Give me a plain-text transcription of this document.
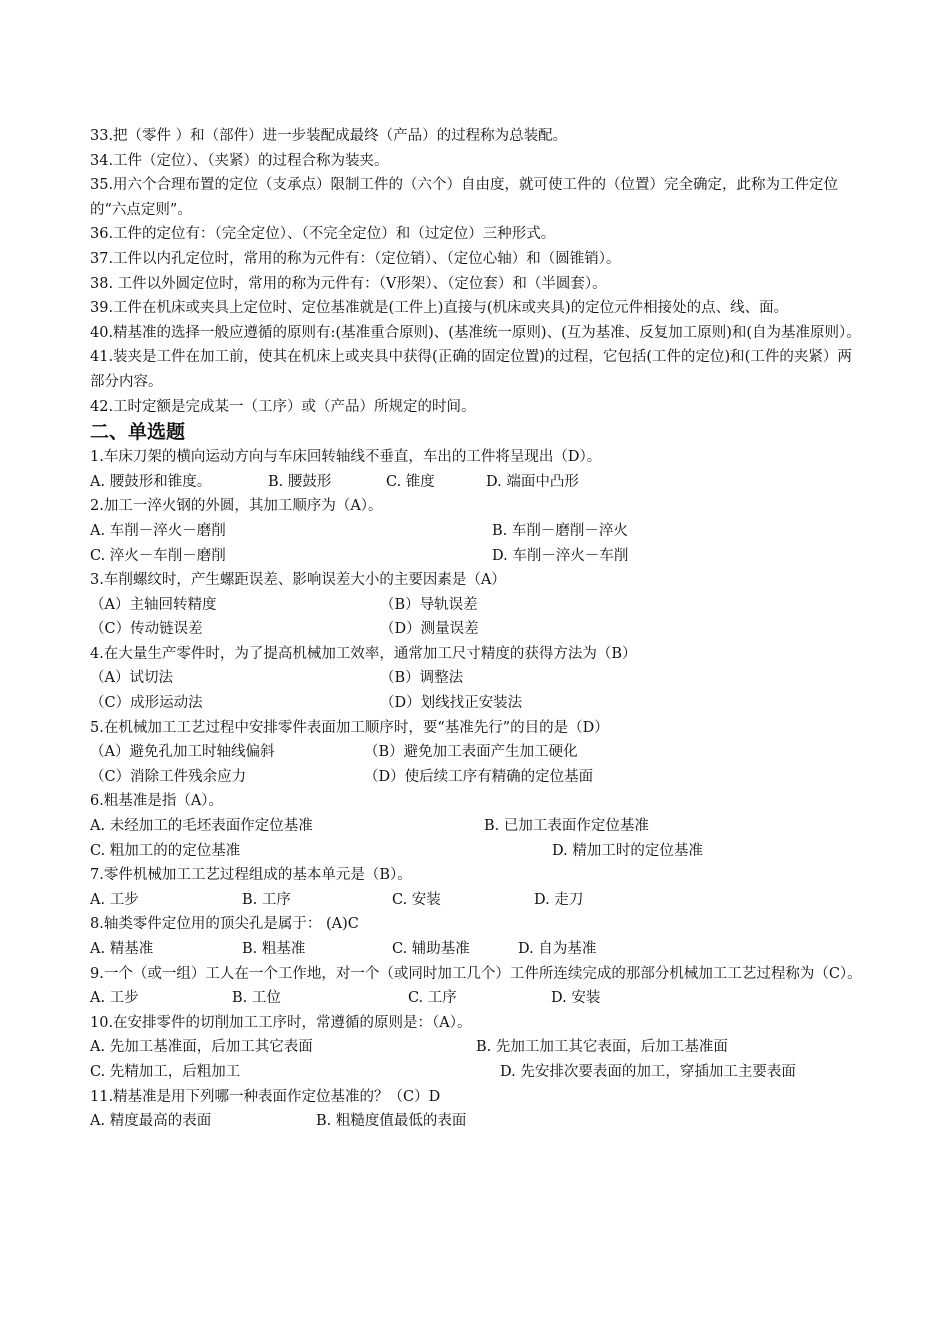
33.把（零件 ）和（部件）进一步装配成最终（产品）的过程称为总装配。
34.工件（定位）、（夹紧）的过程合称为装夹。
35.用六个合理布置的定位（支承点）限制工件的（六个）自由度，就可使工件的（位置）完全确定，此称为工件定位的“六点定则”。
36.工件的定位有：（完全定位）、（不完全定位）和（过定位）三种形式。
37.工件以内孔定位时，常用的称为元件有：（定位销）、（定位心轴）和（圆锥销）。
38. 工件以外圆定位时，常用的称为元件有：（V形架）、（定位套）和（半圆套）。
39.工件在机床或夹具上定位时、定位基准就是(工件上)直接与(机床或夹具)的定位元件相接处的点、线、面。
40.精基准的选择一般应遵循的原则有:(基准重合原则)、(基准统一原则)、(互为基准、反复加工原则)和(自为基准原则）。
41.装夹是工件在加工前，使其在机床上或夹具中获得(正确的固定位置)的过程，它包括(工件的定位)和(工件的夹紧）两部分内容。
42.工时定额是完成某一（工序）或（产品）所规定的时间。
二、单选题
1.车床刀架的横向运动方向与车床回转轴线不垂直，车出的工件将呈现出（D）。
A. 腰鼓形和锥度。	B. 腰鼓形	C. 锥度	D. 端面中凸形
2.加工一淬火钢的外圆，其加工顺序为（A）。
A. 车削－淬火－磨削	B. 车削－磨削－淬火
C. 淬火－车削－磨削	D. 车削－淬火－车削
3.车削螺纹时，产生螺距误差、影响误差大小的主要因素是（A）
（A）主轴回转精度	（B）导轨误差
（C）传动链误差	（D）测量误差
4.在大量生产零件时，为了提高机械加工效率，通常加工尺寸精度的获得方法为（B）
（A）试切法	（B）调整法
（C）成形运动法	（D）划线找正安装法
5.在机械加工工艺过程中安排零件表面加工顺序时，要“基准先行”的目的是（D）
（A）避免孔加工时轴线偏斜	（B）避免加工表面产生加工硬化
（C）消除工件残余应力	（D）使后续工序有精确的定位基面
6.粗基准是指（A）。
A. 未经加工的毛坯表面作定位基准	B. 已加工表面作定位基准
C. 粗加工的的定位基准	D. 精加工时的定位基准
7.零件机械加工工艺过程组成的基本单元是（B）。
A. 工步	B. 工序	C. 安装	D. 走刀
8.轴类零件定位用的顶尖孔是属于： (A)C
A. 精基准	B. 粗基准	C. 辅助基准	D. 自为基准
9.一个（或一组）工人在一个工作地，对一个（或同时加工几个）工件所连续完成的那部分机械加工工艺过程称为（C）。
A. 工步	B. 工位	C. 工序	D. 安装
10.在安排零件的切削加工工序时，常遵循的原则是：（A）。
A. 先加工基准面，后加工其它表面	B. 先加工加工其它表面，后加工基准面
C. 先精加工，后粗加工	D. 先安排次要表面的加工，穿插加工主要表面
11.精基准是用下列哪一种表面作定位基准的？（C）D
A. 精度最高的表面	B. 粗糙度值最低的表面
